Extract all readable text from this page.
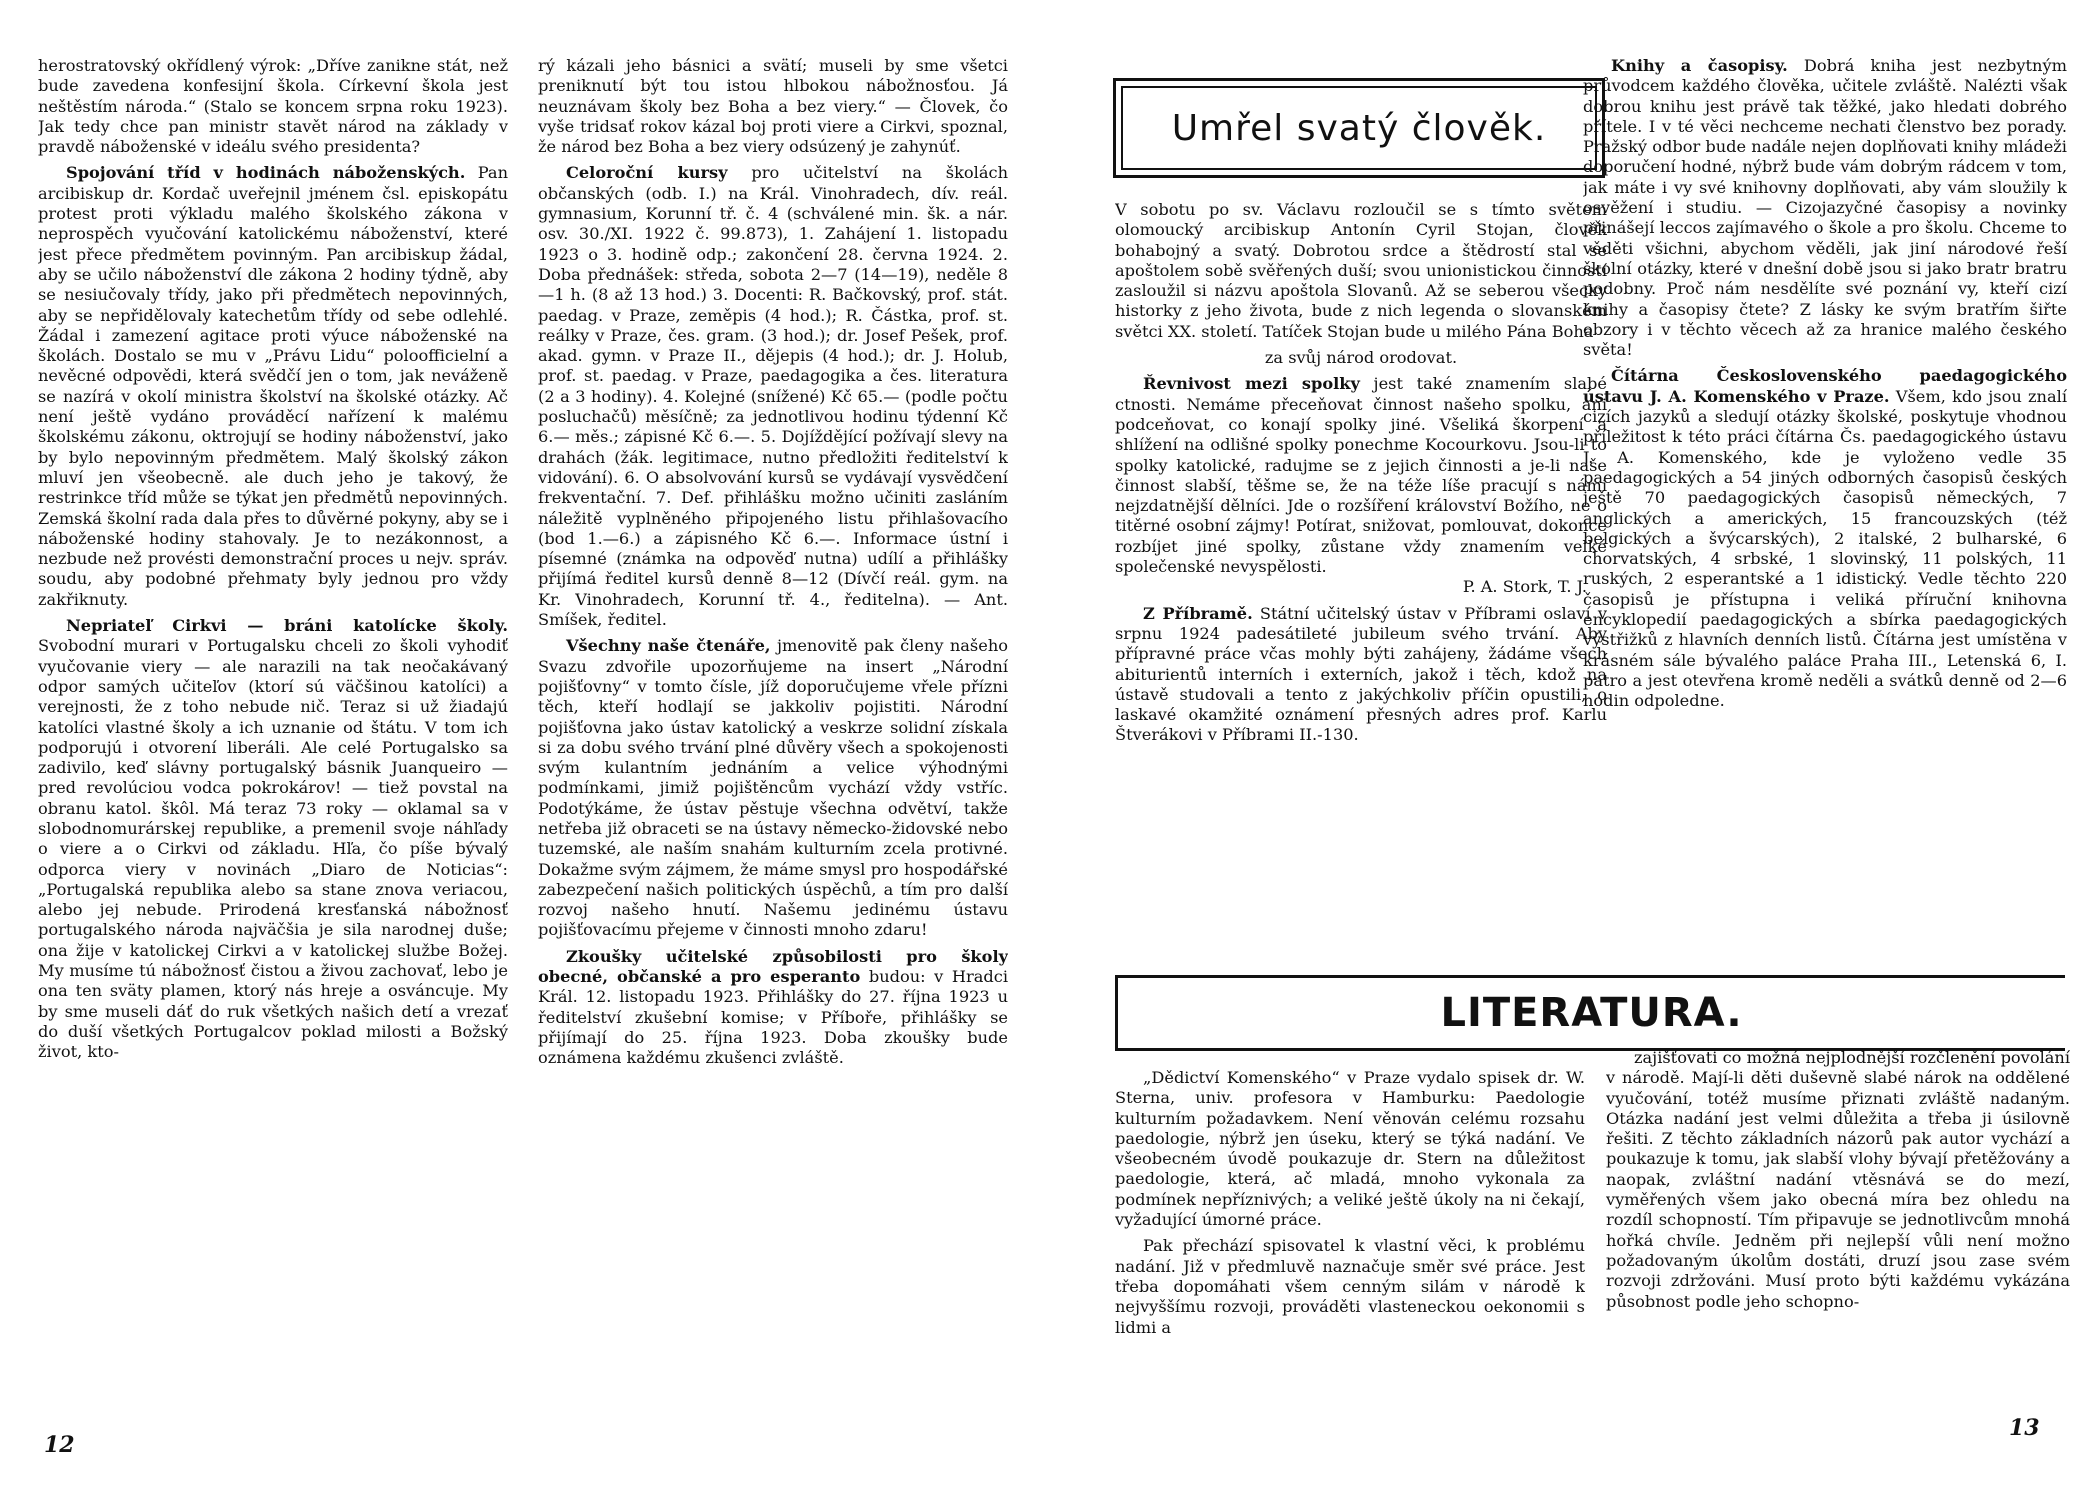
herostratovský okřídlený výrok: „Dříve zanikne stát, než bude zavedena konfesijní škola. Církevní škola jest neštěstím národa.“ (Stalo se koncem srpna roku 1923). Jak tedy chce pan ministr stavět národ na základy v pravdě náboženské v ideálu svého presidenta?

Spojování tříd v hodinách náboženských. Pan arcibiskup dr. Kordač uveřejnil jménem čsl. episkopátu protest proti výkladu malého školského zákona v neprospěch vyučování katolickému náboženství, které jest přece předmětem povinným. Pan arcibiskup žádal, aby se učilo náboženství dle zákona 2 hodiny týdně, aby se nesiučovaly třídy, jako při předmětech nepovinných, aby se nepřidělovaly katechetům třídy od sebe odlehlé. Žádal i zamezení agitace proti výuce náboženské na školách. Dostalo se mu v „Právu Lidu“ poloofficielní a nevěcné odpovědi, která svědčí jen o tom, jak neváženě se nazírá v okolí ministra školství na školské otázky. Ač není ještě vydáno prováděcí nařízení k malému školskému zákonu, oktrojují se hodiny náboženství, jako by bylo nepovinným předmětem. Malý školský zákon mluví jen všeobecně. ale duch jeho je takový, že restrinkce tříd může se týkat jen předmětů nepovinných. Zemská školní rada dala přes to důvěrné pokyny, aby se i náboženské hodiny stahovaly. Je to nezákonnost, a nezbude než provésti demonstrační proces u nejv. správ. soudu, aby podobné přehmaty byly jednou pro vždy zakřiknuty.

Nepriateľ Cirkvi — bráni katolícke školy. Svobodní murari v Portugalsku chceli zo školi vyhodiť vyučovanie viery — ale narazili na tak neočakávaný odpor samých učiteľov (ktorí sú väčšinou katolíci) a verejnosti, že z toho nebude nič. Teraz si už žiadajú katolíci vlastné školy a ich uznanie od štátu. V tom ich podporujú i otvorení liberáli. Ale celé Portugalsko sa zadivilo, keď slávny portugalský básnik Juanqueiro — pred revolúciou vodca pokrokárov! — tiež povstal na obranu katol. škôl. Má teraz 73 roky — oklamal sa v slobodnomurárskej republike, a premenil svoje náhľady o viere a o Cirkvi od základu. Hľa, čo píše bývalý odporca viery v novinách „Diaro de Noticias“: „Portugalská republika alebo sa stane znova veriacou, alebo jej nebude. Prirodená kresťanská nábožnosť portugalského národa najväčšia je sila narodnej duše; ona žije v katolickej Cirkvi a v katolickej službe Božej. My musíme tú nábožnosť čistou a živou zachovať, lebo je ona ten sväty plamen, ktorý nás hreje a osváncuje. My by sme museli dáť do ruk všetkých našich detí a vrezať do duší všetkých Portugalcov poklad milosti a Božský život, kto-

rý kázali jeho básnici a svätí; museli by sme všetci preniknutí být tou istou hlbokou nábožnosťou. Já neuznávam školy bez Boha a bez viery.“ — Človek, čo vyše tridsať rokov kázal boj proti viere a Cirkvi, spoznal, že národ bez Boha a bez viery odsúzený je zahynúť.

Celoroční kursy pro učitelství na školách občanských (odb. I.) na Král. Vinohradech, dív. reál. gymnasium, Korunní tř. č. 4 (schválené min. šk. a nár. osv. 30./XI. 1922 č. 99.873), 1. Zahájení 1. listopadu 1923 o 3. hodině odp.; zakončení 28. června 1924. 2. Doba přednášek: středa, sobota 2—7 (14—19), neděle 8—1 h. (8 až 13 hod.) 3. Docenti: R. Bačkovský, prof. stát. paedag. v Praze, zeměpis (4 hod.); R. Částka, prof. st. reálky v Praze, čes. gram. (3 hod.); dr. Josef Pešek, prof. akad. gymn. v Praze II., dějepis (4 hod.); dr. J. Holub, prof. st. paedag. v Praze, paedagogika a čes. literatura (2 a 3 hodiny). 4. Kolejné (snížené) Kč 65.— (podle počtu posluchačů) měsíčně; za jednotlivou hodinu týdenní Kč 6.— měs.; zápisné Kč 6.—. 5. Dojíždějící požívají slevy na drahách (žák. legitimace, nutno předložiti ředitelství k vidování). 6. O absolvování kursů se vydávají vysvědčení frekventační. 7. Def. přihlášku možno učiniti zasláním náležitě vyplněného připojeného listu přihlašovacího (bod 1.—6.) a zápisného Kč 6.—. Informace ústní i písemné (známka na odpověď nutna) udílí a přihlášky přijímá ředitel kursů denně 8—12 (Dívčí reál. gym. na Kr. Vinohradech, Korunní tř. 4., ředitelna). — Ant. Smíšek, ředitel.

Všechny naše čtenáře, jmenovitě pak členy našeho Svazu zdvořile upozorňujeme na insert „Národní pojišťovny“ v tomto čísle, jíž doporučujeme vřele přízni těch, kteří hodlají se jakkoliv pojistiti. Národní pojišťovna jako ústav katolický a veskrze solidní získala si za dobu svého trvání plné důvěry všech a spokojenosti svým kulantním jednáním a velice výhodnými podmínkami, jimiž pojištěncům vychází vždy vstříc. Podotýkáme, že ústav pěstuje všechna odvětví, takže netřeba již obraceti se na ústavy německo-židovské nebo tuzemské, ale naším snahám kulturním zcela protivné. Dokažme svým zájmem, že máme smysl pro hospodářské zabezpečení našich politických úspěchů, a tím pro další rozvoj našeho hnutí. Našemu jedinému ústavu pojišťovacímu přejeme v činnosti mnoho zdaru!

Zkoušky učitelské způsobilosti pro školy obecné, občanské a pro esperanto budou: v Hradci Král. 12. listopadu 1923. Přihlášky do 27. října 1923 u ředitelství zkušební komise; v Příboře, přihlášky se přijímají do 25. října 1923. Doba zkoušky bude oznámena každému zkušenci zvláště.

12
Umřel svatý člověk.

V sobotu po sv. Václavu rozloučil se s tímto světem olomoucký arcibiskup Antonín Cyril Stojan, člověk bohabojný a svatý. Dobrotou srdce a štědrostí stal se apoštolem sobě svěřených duší; svou unionistickou činností zasloužil si názvu apoštola Slovanů. Až se seberou všecky historky z jeho života, bude z nich legenda o slovanském světci XX. století. Tatíček Stojan bude u milého Pána Boha

za svůj národ orodovat.

Řevnivost mezi spolky jest také znamením slabé ctnosti. Nemáme přeceňovat činnost našeho spolku, ani podceňovat, co konají spolky jiné. Všeliká škorpení a shlížení na odlišné spolky ponechme Kocourkovu. Jsou-li to spolky katolické, radujme se z jejich činnosti a je-li naše činnost slabší, těšme se, že na téže líše pracují s námi nejzdatnější dělníci. Jde o rozšíření království Božího, ne o titěrné osobní zájmy! Potírat, snižovat, pomlouvat, dokonce rozbíjet jiné spolky, zůstane vždy znamením velké společenské nevyspělosti.
P. A. Stork, T. J.

Z Příbramě. Státní učitelský ústav v Příbrami oslaví v srpnu 1924 padesátileté jubileum svého trvání. Aby přípravné práce včas mohly býti zahájeny, žádáme všech abiturientů interních i externích, jakož i těch, kdož na ústavě studovali a tento z jakýchkoliv příčin opustili, o laskavé okamžité oznámení přesných adres prof. Karlu Štverákovi v Příbrami II.-130.

Knihy a časopisy. Dobrá kniha jest nezbytným průvodcem každého člověka, učitele zvláště. Nalézti však dobrou knihu jest právě tak těžké, jako hledati dobrého přítele. I v té věci nechceme nechati členstvo bez porady. Pražský odbor bude nadále nejen doplňovati knihy mládeži doporučení hodné, nýbrž bude vám dobrým rádcem v tom, jak máte i vy své knihovny doplňovati, aby vám sloužily k osvěžení i studiu. — Cizojazyčné časopisy a novinky přinášejí leccos zajímavého o škole a pro školu. Chceme to věděti všichni, abychom věděli, jak jiní národové řeší školní otázky, které v dnešní době jsou si jako bratr bratru podobny. Proč nám nesdělíte své poznání vy, kteří cizí knihy a časopisy čtete? Z lásky ke svým bratřím šiřte obzory i v těchto věcech až za hranice malého českého světa!

Čítárna Československého paedagogického ústavu J. A. Komenského v Praze. Všem, kdo jsou znalí cizích jazyků a sledují otázky školské, poskytuje vhodnou příležitost k této práci čítárna Čs. paedagogického ústavu J. A. Komenského, kde je vyloženo vedle 35 paedagogických a 54 jiných odborných časopisů českých ještě 70 paedagogických časopisů německých, 7 anglických a amerických, 15 francouzských (též belgických a švýcarských), 2 italské, 2 bulharské, 6 chorvatských, 4 srbské, 1 slovinský, 11 polských, 11 ruských, 2 esperantské a 1 idistický. Vedle těchto 220 časopisů je přístupna i veliká příruční knihovna encyklopedií paedagogických a sbírka paedagogických výstřižků z hlavních denních listů. Čítárna jest umístěna v krásném sále bývalého paláce Praha III., Letenská 6, I. patro a jest otevřena kromě neděli a svátků denně od 2—6 hodin odpoledne.

LITERATURA.

„Dědictví Komenského“ v Praze vydalo spisek dr. W. Sterna, univ. profesora v Hamburku: Paedologie kulturním požadavkem. Není věnován celému rozsahu paedologie, nýbrž jen úseku, který se týká nadání. Ve všeobecném úvodě poukazuje dr. Stern na důležitost paedologie, která, ač mladá, mnoho vykonala za podmínek nepříznivých; a veliké ještě úkoly na ni čekají, vyžadující úmorné práce.

Pak přechází spisovatel k vlastní věci, k problému nadání. Již v předmluvě naznačuje směr své práce. Jest třeba dopomáhati všem cenným silám v národě k nejvyššímu rozvoji, prováděti vlasteneckou oekonomii s lidmi a

zajišťovati co možná nejplodnější rozčlenění povolání v národě. Mají-li děti duševně slabé nárok na oddělené vyučování, totéž musíme přiznati zvláště nadaným. Otázka nadání jest velmi důležita a třeba ji úsilovně řešiti. Z těchto základních názorů pak autor vychází a poukazuje k tomu, jak slabší vlohy bývají přetěžovány a naopak, zvláštní nadání vtěsnává se do mezí, vyměřených všem jako obecná míra bez ohledu na rozdíl schopností. Tím připavuje se jednotlivcům mnohá hořká chvíle. Jedněm při nejlepší vůli není možno požadovaným úkolům dostáti, druzí jsou zase svém rozvoji zdržováni. Musí proto býti každému vykázána působnost podle jeho schopno-

13
